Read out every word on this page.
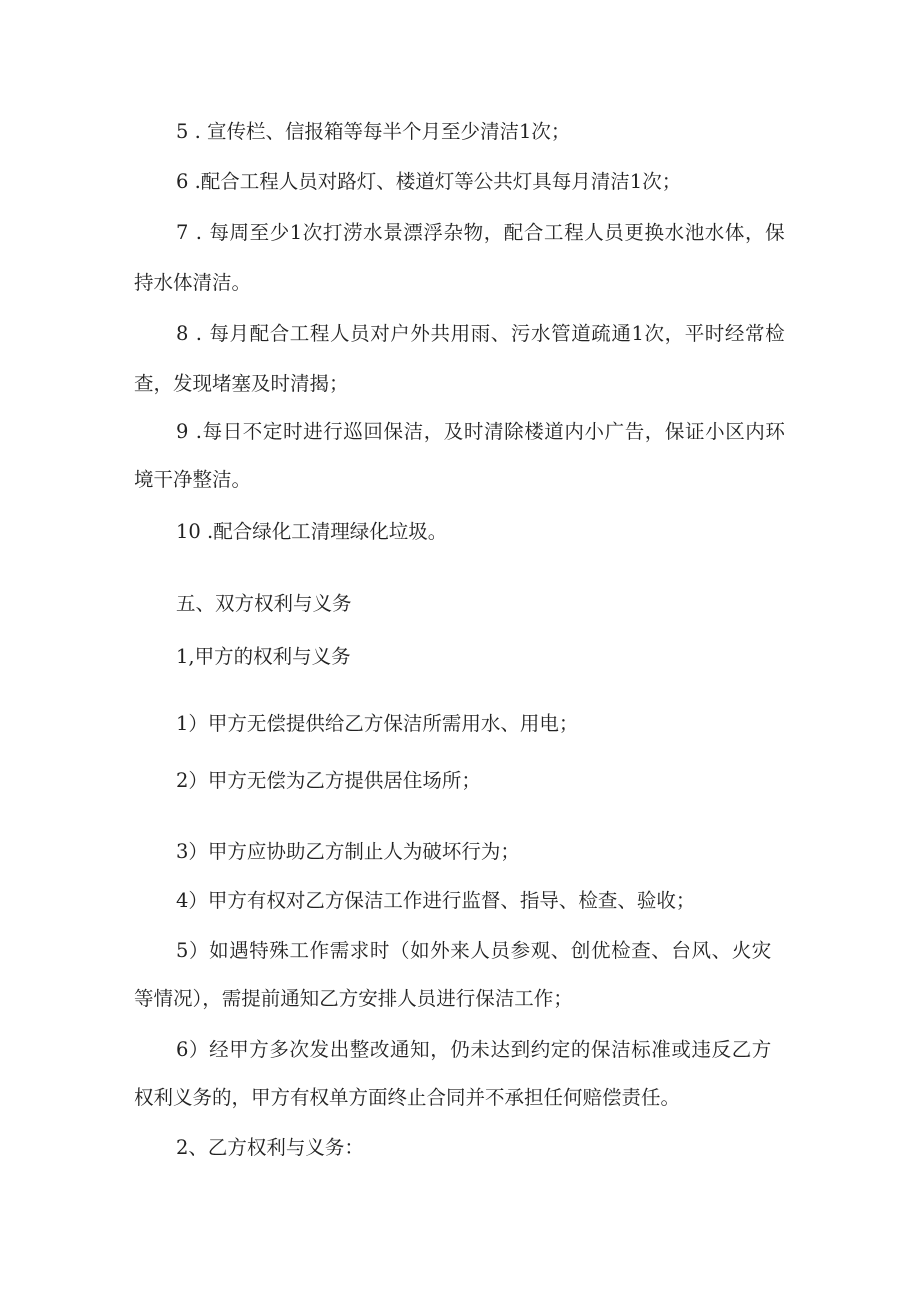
5 . 宣传栏、信报箱等每半个月至少清洁1次；
6 .配合工程人员对路灯、楼道灯等公共灯具每月清洁1次；
7 . 每周至少1次打涝水景漂浮杂物，配合工程人员更换水池水体，保
持水体清洁。
8 . 每月配合工程人员对户外共用雨、污水管道疏通1次，平时经常检
查，发现堵塞及时清揭；
9 .每日不定时进行巡回保洁，及时清除楼道内小广告，保证小区内环
境干净整洁。
10 .配合绿化工清理绿化垃圾。
五、双方权利与义务
1,甲方的权利与义务
1）甲方无偿提供给乙方保洁所需用水、用电；
2）甲方无偿为乙方提供居住场所；
3）甲方应协助乙方制止人为破坏行为；
4）甲方有权对乙方保洁工作进行监督、指导、检查、验收；
5）如遇特殊工作需求时（如外来人员参观、创优检查、台风、火灾
等情况），需提前通知乙方安排人员进行保洁工作；
6）经甲方多次发出整改通知，仍未达到约定的保洁标准或违反乙方
权利义务的，甲方有权单方面终止合同并不承担任何赔偿责任。
2、乙方权利与义务：
